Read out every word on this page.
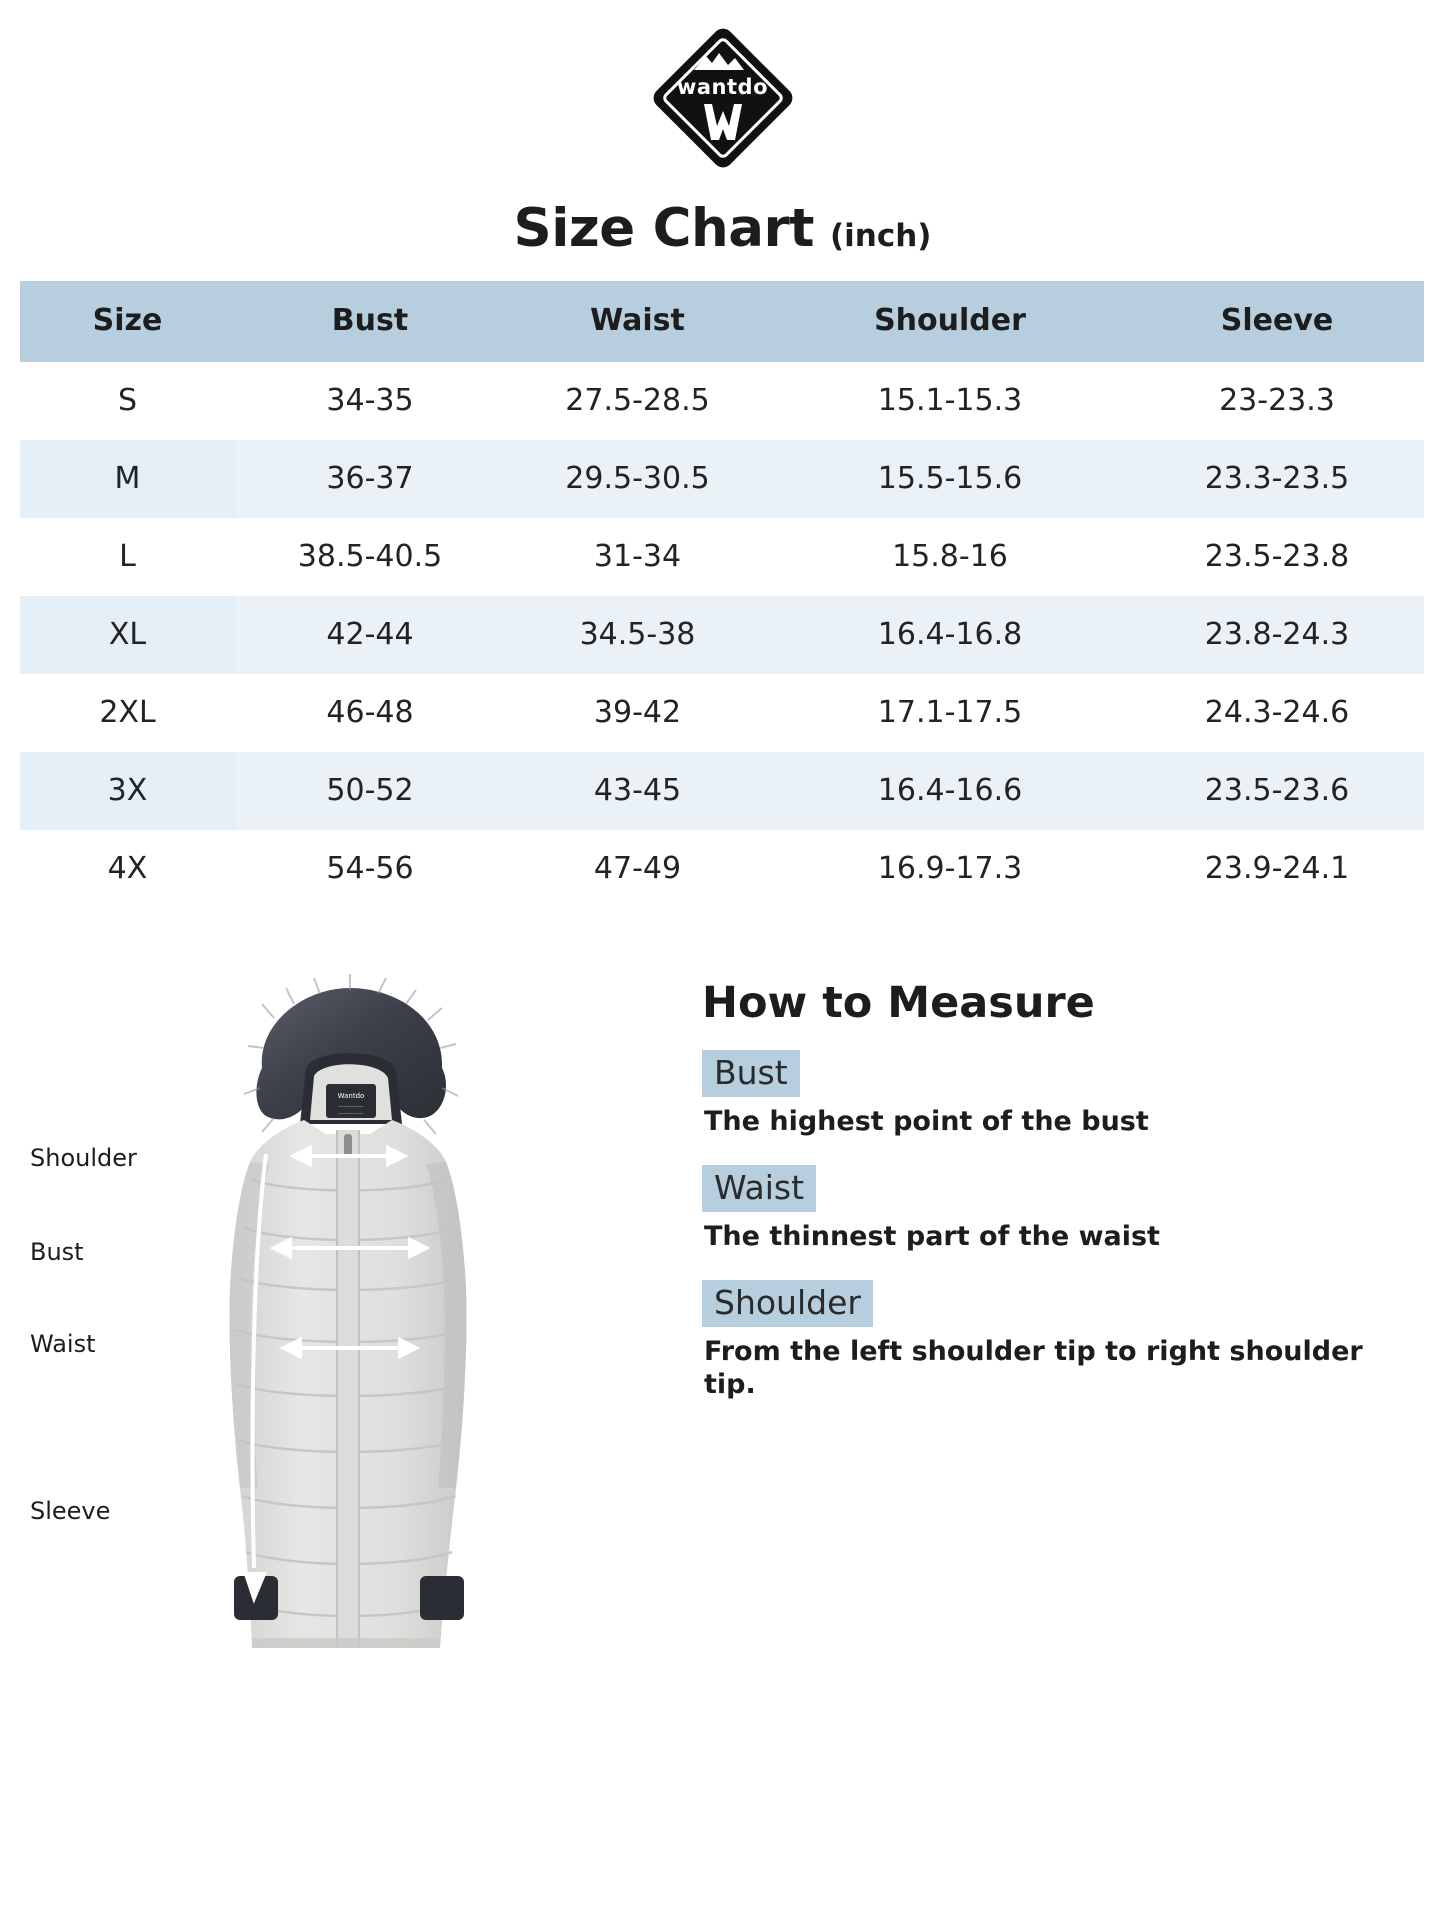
wantdo
Size Chart (inch)
Size	Bust	Waist	Shoulder	Sleeve
S	34-35	27.5-28.5	15.1-15.3	23-23.3
M	36-37	29.5-30.5	15.5-15.6	23.3-23.5
L	38.5-40.5	31-34	15.8-16	23.5-23.8
XL	42-44	34.5-38	16.4-16.8	23.8-24.3
2XL	46-48	39-42	17.1-17.5	24.3-24.6
3X	50-52	43-45	16.4-16.6	23.5-23.6
4X	54-56	47-49	16.9-17.3	23.9-24.1
Shoulder
Bust
Waist
Sleeve
Wantdo
—————
—————
How to Measure
Bust

The highest point of the bust

Waist

The thinnest part of the waist

Shoulder

From the left shoulder tip to right shoulder tip.
